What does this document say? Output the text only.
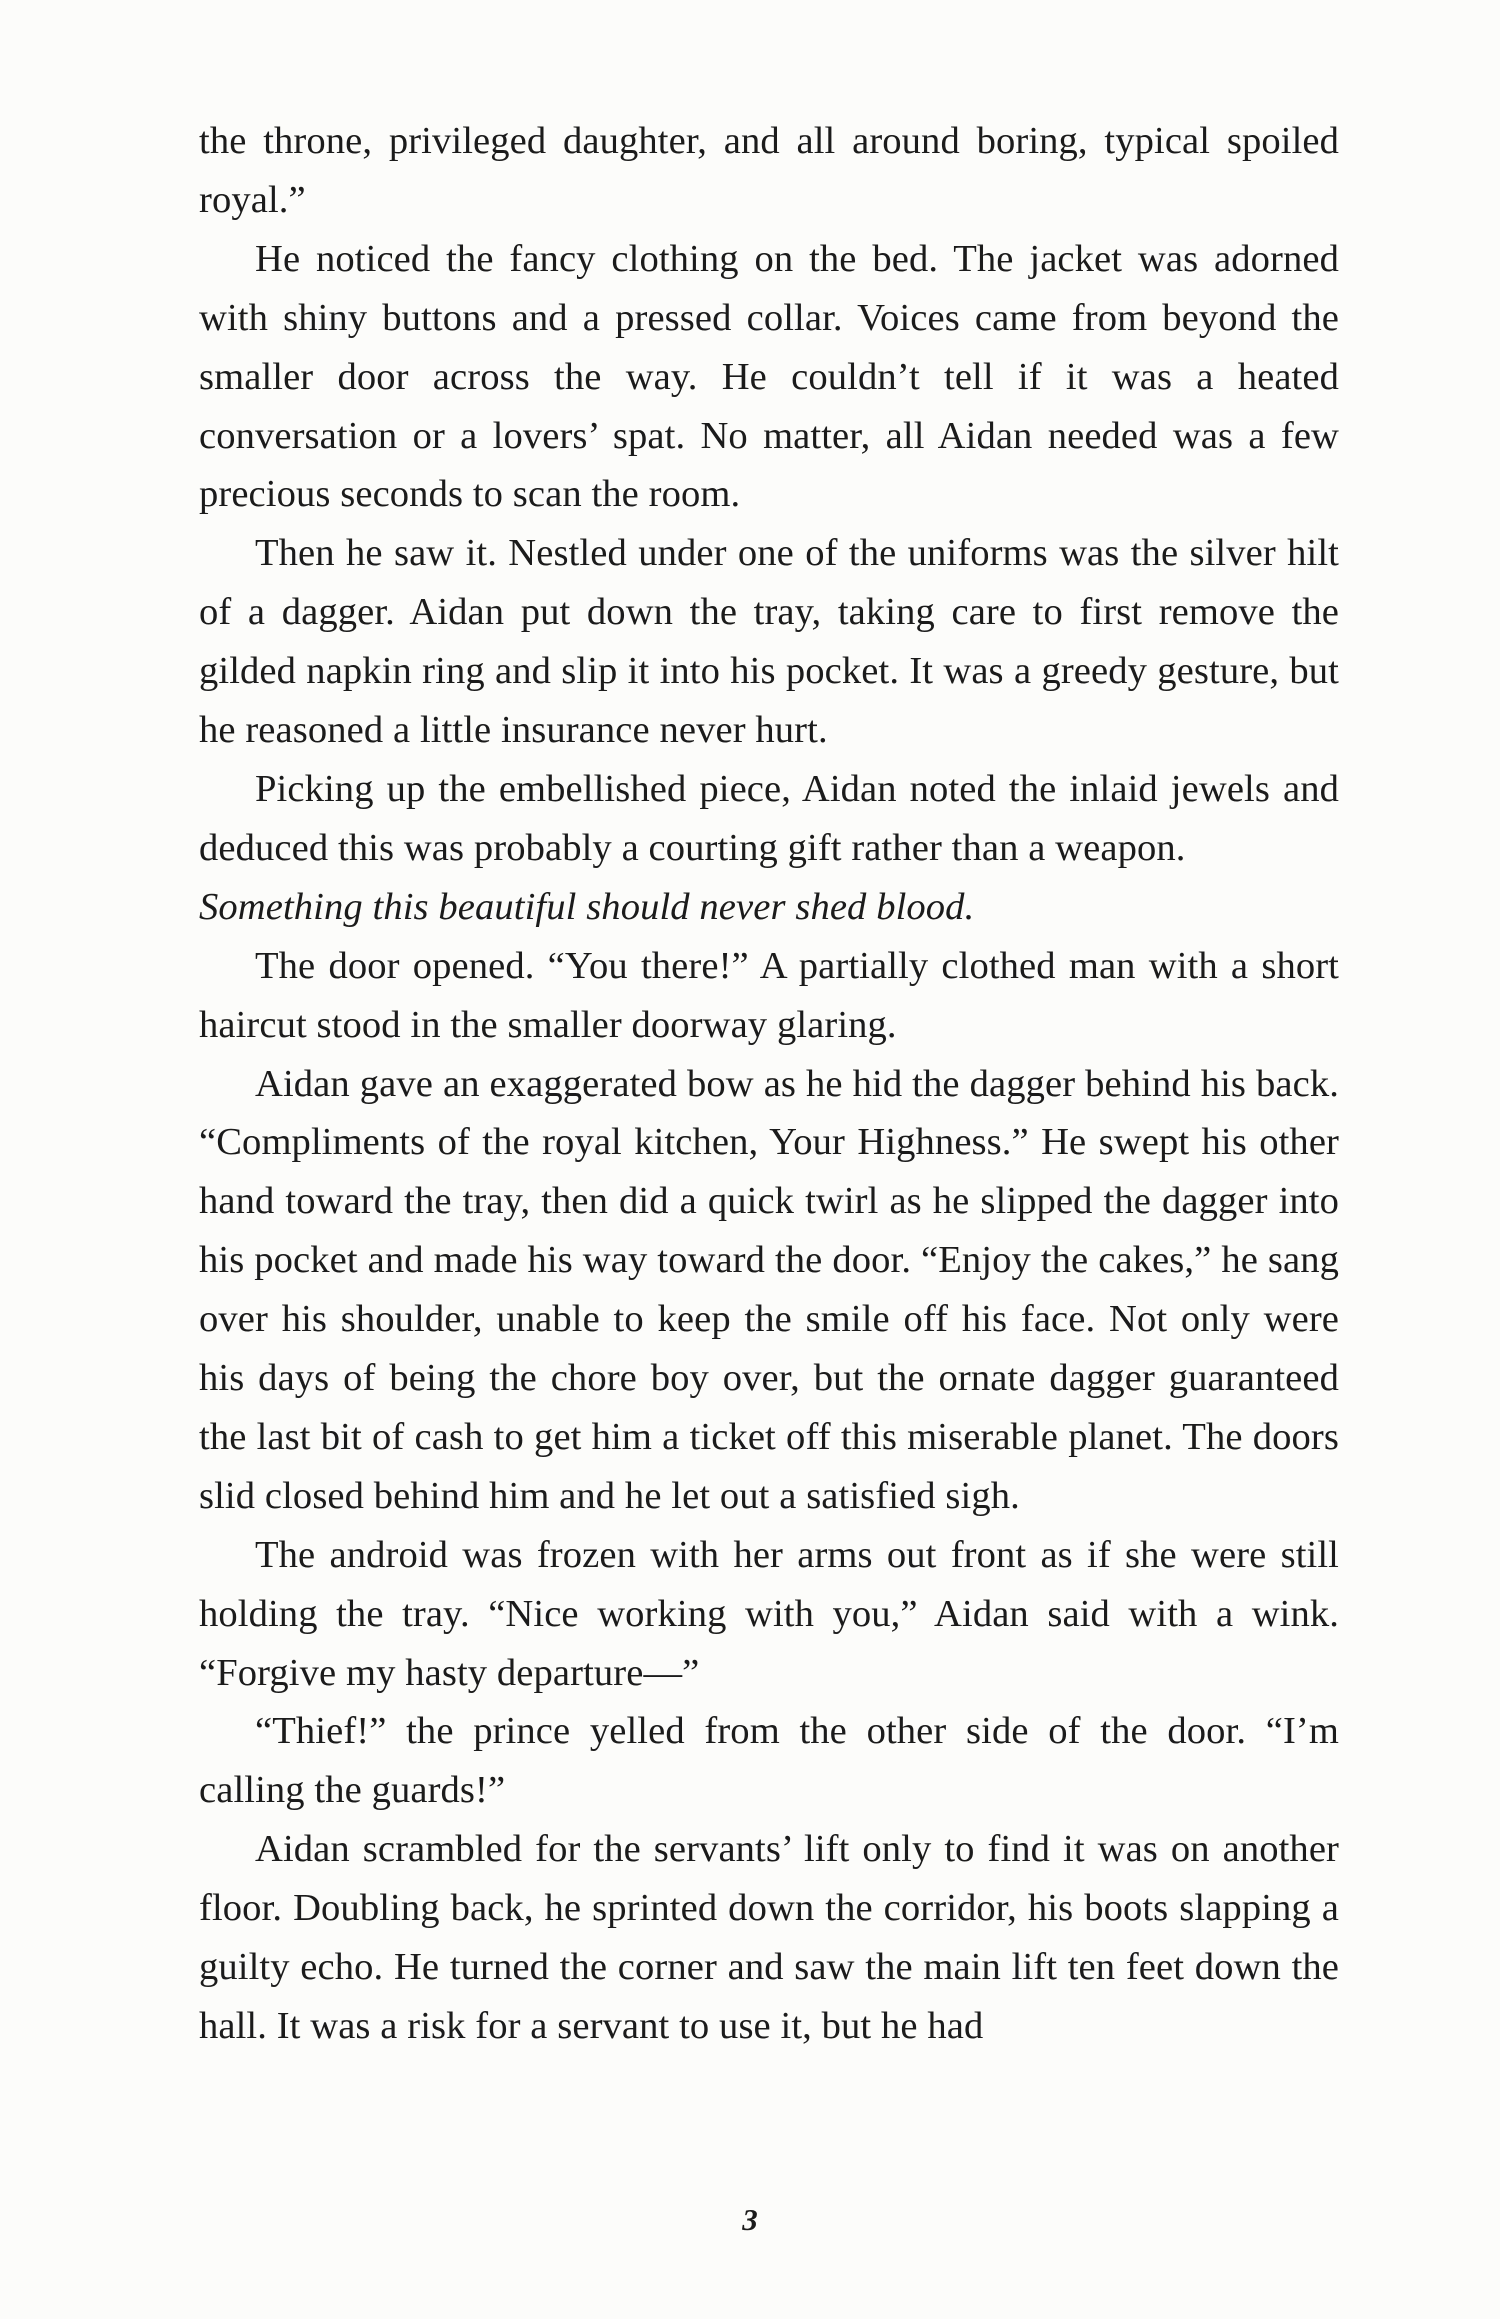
the throne, privileged daughter, and all around boring, typical spoiled royal.”

He noticed the fancy clothing on the bed. The jacket was adorned with shiny buttons and a pressed collar. Voices came from beyond the smaller door across the way. He couldn’t tell if it was a heated conversation or a lovers’ spat. No matter, all Aidan needed was a few precious seconds to scan the room.

Then he saw it. Nestled under one of the uniforms was the silver hilt of a dagger. Aidan put down the tray, taking care to first remove the gilded napkin ring and slip it into his pocket. It was a greedy gesture, but he reasoned a little insurance never hurt.

Picking up the embellished piece, Aidan noted the inlaid jewels and deduced this was probably a courting gift rather than a weapon.

Something this beautiful should never shed blood.

The door opened. “You there!” A partially clothed man with a short haircut stood in the smaller doorway glaring.

Aidan gave an exaggerated bow as he hid the dagger behind his back. “Compliments of the royal kitchen, Your Highness.” He swept his other hand toward the tray, then did a quick twirl as he slipped the dagger into his pocket and made his way toward the door. “Enjoy the cakes,” he sang over his shoulder, unable to keep the smile off his face. Not only were his days of being the chore boy over, but the ornate dagger guaranteed the last bit of cash to get him a ticket off this miserable planet. The doors slid closed behind him and he let out a satisfied sigh.

The android was frozen with her arms out front as if she were still holding the tray. “Nice working with you,” Aidan said with a wink. “Forgive my hasty departure—”

“Thief!” the prince yelled from the other side of the door. “I’m calling the guards!”

Aidan scrambled for the servants’ lift only to find it was on another floor. Doubling back, he sprinted down the corridor, his boots slapping a guilty echo. He turned the corner and saw the main lift ten feet down the hall. It was a risk for a servant to use it, but he had

3
